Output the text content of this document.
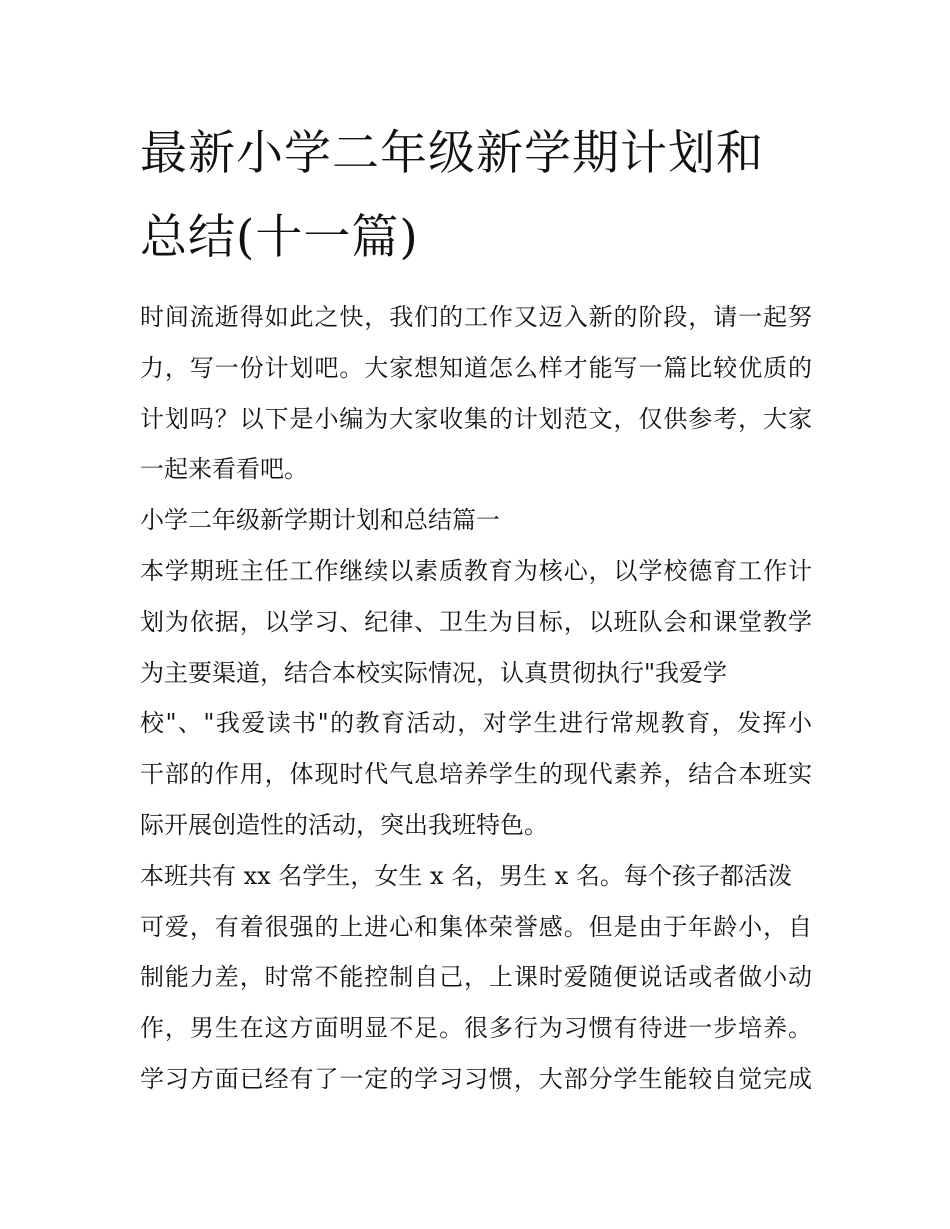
最新小学二年级新学期计划和
总结(十一篇)

时间流逝得如此之快，我们的工作又迈入新的阶段，请一起努

力，写一份计划吧。大家想知道怎么样才能写一篇比较优质的

计划吗？以下是小编为大家收集的计划范文，仅供参考，大家

一起来看看吧。

小学二年级新学期计划和总结篇一

本学期班主任工作继续以素质教育为核心，以学校德育工作计

划为依据，以学习、纪律、卫生为目标，以班队会和课堂教学

为主要渠道，结合本校实际情况，认真贯彻执行"我爱学

校"、"我爱读书"的教育活动，对学生进行常规教育，发挥小

干部的作用，体现时代气息培养学生的现代素养，结合本班实

际开展创造性的活动，突出我班特色。

本班共有 xx 名学生，女生 x 名，男生 x 名。每个孩子都活泼

可爱，有着很强的上进心和集体荣誉感。但是由于年龄小，自

制能力差，时常不能控制自己，上课时爱随便说话或者做小动

作，男生在这方面明显不足。很多行为习惯有待进一步培养。

学习方面已经有了一定的学习习惯，大部分学生能较自觉完成
